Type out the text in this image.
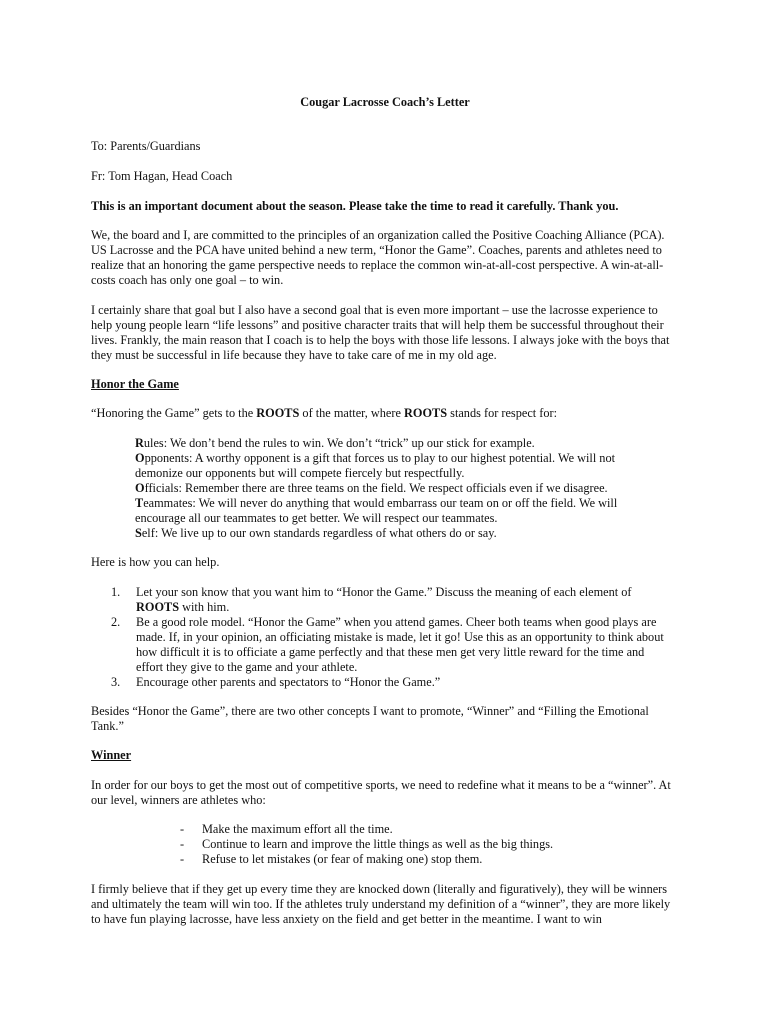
Cougar Lacrosse Coach’s Letter

To: Parents/Guardians

Fr: Tom Hagan, Head Coach

This is an important document about the season. Please take the time to read it carefully. Thank you.

We, the board and I, are committed to the principles of an organization called the Positive Coaching Alliance (PCA). US Lacrosse and the PCA have united behind a new term, “Honor the Game”. Coaches, parents and athletes need to realize that an honoring the game perspective needs to replace the common win-at-all-cost perspective. A win-at-all-costs coach has only one goal – to win.

I certainly share that goal but I also have a second goal that is even more important – use the lacrosse experience to help young people learn “life lessons” and positive character traits that will help them be successful throughout their lives. Frankly, the main reason that I coach is to help the boys with those life lessons. I always joke with the boys that they must be successful in life because they have to take care of me in my old age.

Honor the Game

“Honoring the Game” gets to the ROOTS of the matter, where ROOTS stands for respect for:

Rules: We don’t bend the rules to win. We don’t “trick” up our stick for example.

Opponents: A worthy opponent is a gift that forces us to play to our highest potential. We will not demonize our opponents but will compete fiercely but respectfully.

Officials: Remember there are three teams on the field. We respect officials even if we disagree.

Teammates: We will never do anything that would embarrass our team on or off the field. We will encourage all our teammates to get better. We will respect our teammates.

Self: We live up to our own standards regardless of what others do or say.

Here is how you can help.

1. Let your son know that you want him to “Honor the Game.” Discuss the meaning of each element of ROOTS with him.

2. Be a good role model. “Honor the Game” when you attend games. Cheer both teams when good plays are made. If, in your opinion, an officiating mistake is made, let it go! Use this as an opportunity to think about how difficult it is to officiate a game perfectly and that these men get very little reward for the time and effort they give to the game and your athlete.

3. Encourage other parents and spectators to “Honor the Game.”

Besides “Honor the Game”, there are two other concepts I want to promote, “Winner” and “Filling the Emotional Tank.”

Winner

In order for our boys to get the most out of competitive sports, we need to redefine what it means to be a “winner”. At our level, winners are athletes who:

- Make the maximum effort all the time.

- Continue to learn and improve the little things as well as the big things.

- Refuse to let mistakes (or fear of making one) stop them.

I firmly believe that if they get up every time they are knocked down (literally and figuratively), they will be winners and ultimately the team will win too. If the athletes truly understand my definition of a “winner”, they are more likely to have fun playing lacrosse, have less anxiety on the field and get better in the meantime. I want to win
